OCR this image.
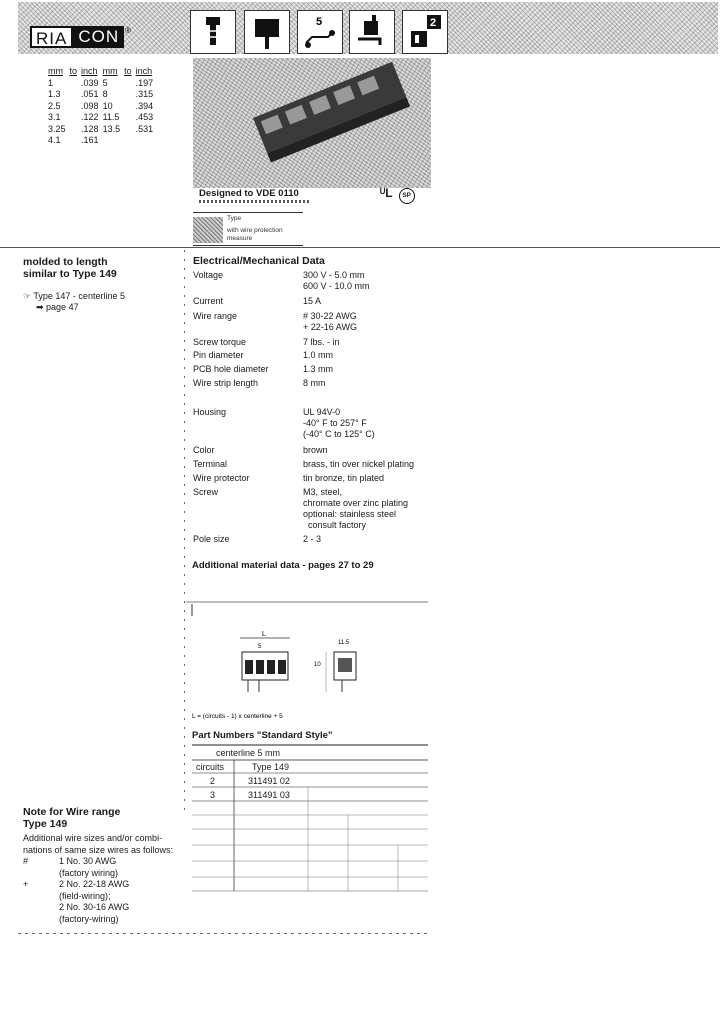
RIA CON ®
5	2
mm	to	inch	mm	to	inch
1		.039	5		.197
1.3		.051	8		.315
2.5		.098	10		.394
3.1		.122	11.5		.453
3.25		.128	13.5		.531
4.1		.161			
Designed to VDE 0110	ᵁL SP
Type
with wire protection
measure
molded to length
similar to Type 149
☞ Type 147 - centerline 5
➡ page 47
Electrical/Mechanical Data
Voltage	300 V - 5.0 mm
600 V - 10.0 mm
Current	15 A
Wire range	# 30-22 AWG
+ 22-16 AWG
Screw torque	7 lbs. - in
Pin diameter	1.0 mm
PCB hole diameter	1.3 mm
Wire strip length	8 mm
Housing	UL 94V-0
-40° F to 257° F
(-40° C to 125° C)
Color	brown
Terminal	brass, tin over nickel plating
Wire protector	tin bronze, tin plated
Screw	M3, steel,
chromate over zinc plating
optional: stainless steel
consult factory
Pole size	2 - 3
Additional material data - pages 27 to 29
L
5
11.5
10
L = (circuits - 1) x centerline + 5
Part Numbers "Standard Style"
centerline 5 mm
circuits	Type 149
2	311491 02
3	311491 03
Note for Wire range
Type 149
Additional wire sizes and/or combi-
nations of same size wires as follows:
#	1 No. 30 AWG
(factory wiring)
+	2 No. 22-18 AWG
(field-wiring);
2 No. 30-16 AWG
(factory-wiring)
